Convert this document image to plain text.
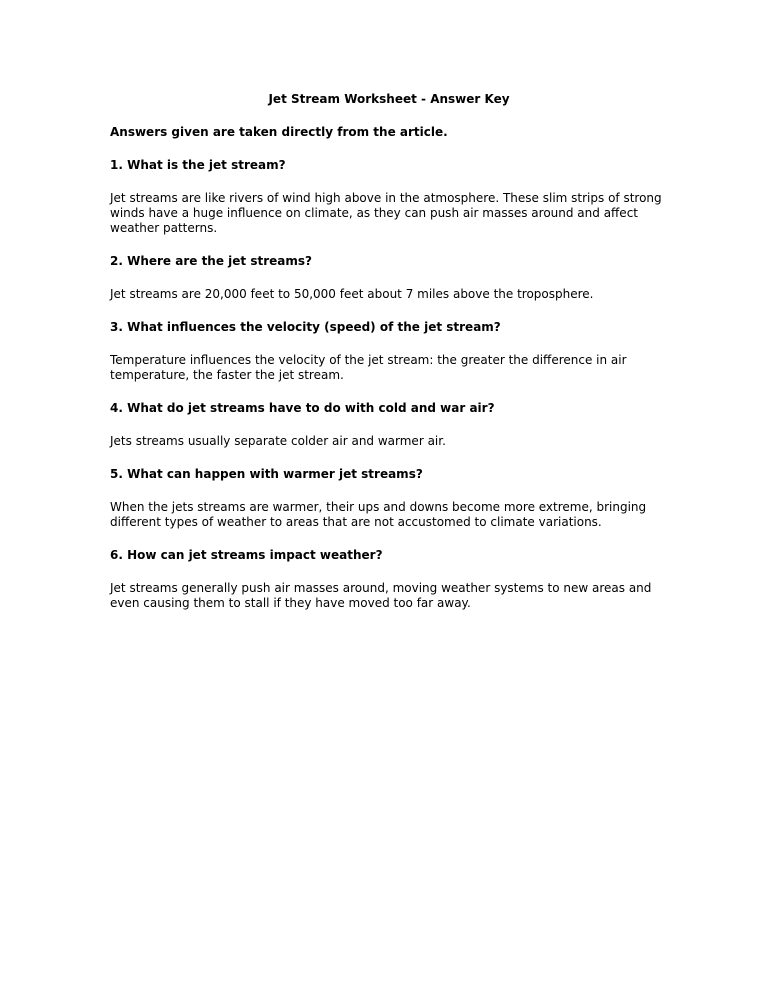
Jet Stream Worksheet - Answer Key
Answers given are taken directly from the article.
1. What is the jet stream?
Jet streams are like rivers of wind high above in the atmosphere. These slim strips of strong winds have a huge influence on climate, as they can push air masses around and affect weather patterns.
2. Where are the jet streams?
Jet streams are 20,000 feet to 50,000 feet about 7 miles above the troposphere.
3. What influences the velocity (speed) of the jet stream?
Temperature influences the velocity of the jet stream: the greater the difference in air temperature, the faster the jet stream.
4. What do jet streams have to do with cold and war air?
Jets streams usually separate colder air and warmer air.
5. What can happen with warmer jet streams?
When the jets streams are warmer, their ups and downs become more extreme, bringing different types of weather to areas that are not accustomed to climate variations.
6. How can jet streams impact weather?
Jet streams generally push air masses around, moving weather systems to new areas and even causing them to stall if they have moved too far away.
